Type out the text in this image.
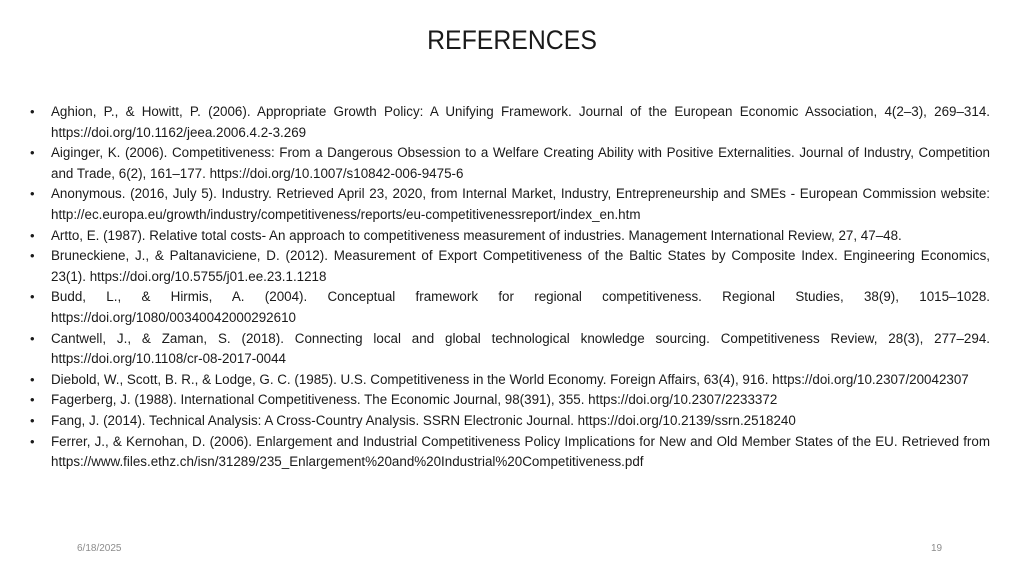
REFERENCES
• Aghion, P., & Howitt, P. (2006). Appropriate Growth Policy: A Unifying Framework. Journal of the European Economic Association, 4(2–3), 269–314. https://doi.org/10.1162/jeea.2006.4.2-3.269
• Aiginger, K. (2006). Competitiveness: From a Dangerous Obsession to a Welfare Creating Ability with Positive Externalities. Journal of Industry, Competition and Trade, 6(2), 161–177. https://doi.org/10.1007/s10842-006-9475-6
• Anonymous. (2016, July 5). Industry. Retrieved April 23, 2020, from Internal Market, Industry, Entrepreneurship and SMEs - European Commission website: http://ec.europa.eu/growth/industry/competitiveness/reports/eu-competitivenessreport/index_en.htm
• Artto, E. (1987). Relative total costs- An approach to competitiveness measurement of industries. Management International Review, 27, 47–48.
• Bruneckiene, J., & Paltanaviciene, D. (2012). Measurement of Export Competitiveness of the Baltic States by Composite Index. Engineering Economics, 23(1). https://doi.org/10.5755/j01.ee.23.1.1218
• Budd, L., & Hirmis, A. (2004). Conceptual framework for regional competitiveness. Regional Studies, 38(9), 1015–1028. https://doi.org/1080/00340042000292610
• Cantwell, J., & Zaman, S. (2018). Connecting local and global technological knowledge sourcing. Competitiveness Review, 28(3), 277–294. https://doi.org/10.1108/cr-08-2017-0044
• Diebold, W., Scott, B. R., & Lodge, G. C. (1985). U.S. Competitiveness in the World Economy. Foreign Affairs, 63(4), 916. https://doi.org/10.2307/20042307
• Fagerberg, J. (1988). International Competitiveness. The Economic Journal, 98(391), 355. https://doi.org/10.2307/2233372
• Fang, J. (2014). Technical Analysis: A Cross-Country Analysis. SSRN Electronic Journal. https://doi.org/10.2139/ssrn.2518240
• Ferrer, J., & Kernohan, D. (2006). Enlargement and Industrial Competitiveness Policy Implications for New and Old Member States of the EU. Retrieved from https://www.files.ethz.ch/isn/31289/235_Enlargement%20and%20Industrial%20Competitiveness.pdf
6/18/2025	19
